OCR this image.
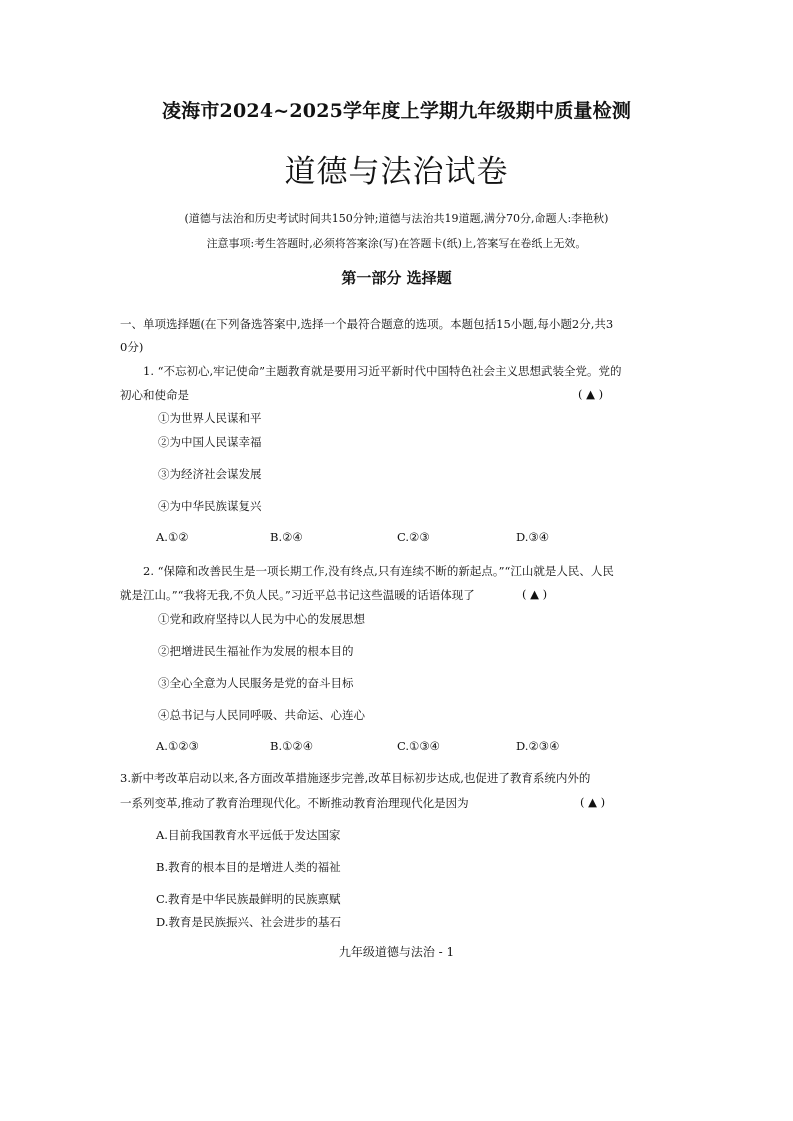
凌海市2024~2025学年度上学期九年级期中质量检测
道德与法治试卷
(道德与法治和历史考试时间共150分钟;道德与法治共19道题,满分70分,命题人:李艳秋)
注意事项:考生答题时,必须将答案涂(写)在答题卡(纸)上,答案写在卷纸上无效。
第一部分 选择题
一、单项选择题(在下列备选答案中,选择一个最符合题意的选项。本题包括15小题,每小题2分,共3
0分)
1. “不忘初心,牢记使命”主题教育就是要用习近平新时代中国特色社会主义思想武装全党。党的
初心和使命是	( ▲ )
①为世界人民谋和平
②为中国人民谋幸福
③为经济社会谋发展
④为中华民族谋复兴
A.①②	B.②④	C.②③	D.③④
2. “保障和改善民生是一项长期工作,没有终点,只有连续不断的新起点。”“江山就是人民、人民
就是江山。”“我将无我,不负人民。”习近平总书记这些温暖的话语体现了	( ▲ )
①党和政府坚持以人民为中心的发展思想
②把增进民生福祉作为发展的根本目的
③全心全意为人民服务是党的奋斗目标
④总书记与人民同呼吸、共命运、心连心
A.①②③	B.①②④	C.①③④	D.②③④
3.新中考改革启动以来,各方面改革措施逐步完善,改革目标初步达成,也促进了教育系统内外的
一系列变革,推动了教育治理现代化。不断推动教育治理现代化是因为	( ▲ )
A.目前我国教育水平远低于发达国家
B.教育的根本目的是增进人类的福祉
C.教育是中华民族最鲜明的民族禀赋
D.教育是民族振兴、社会进步的基石
九年级道德与法治 - 1
